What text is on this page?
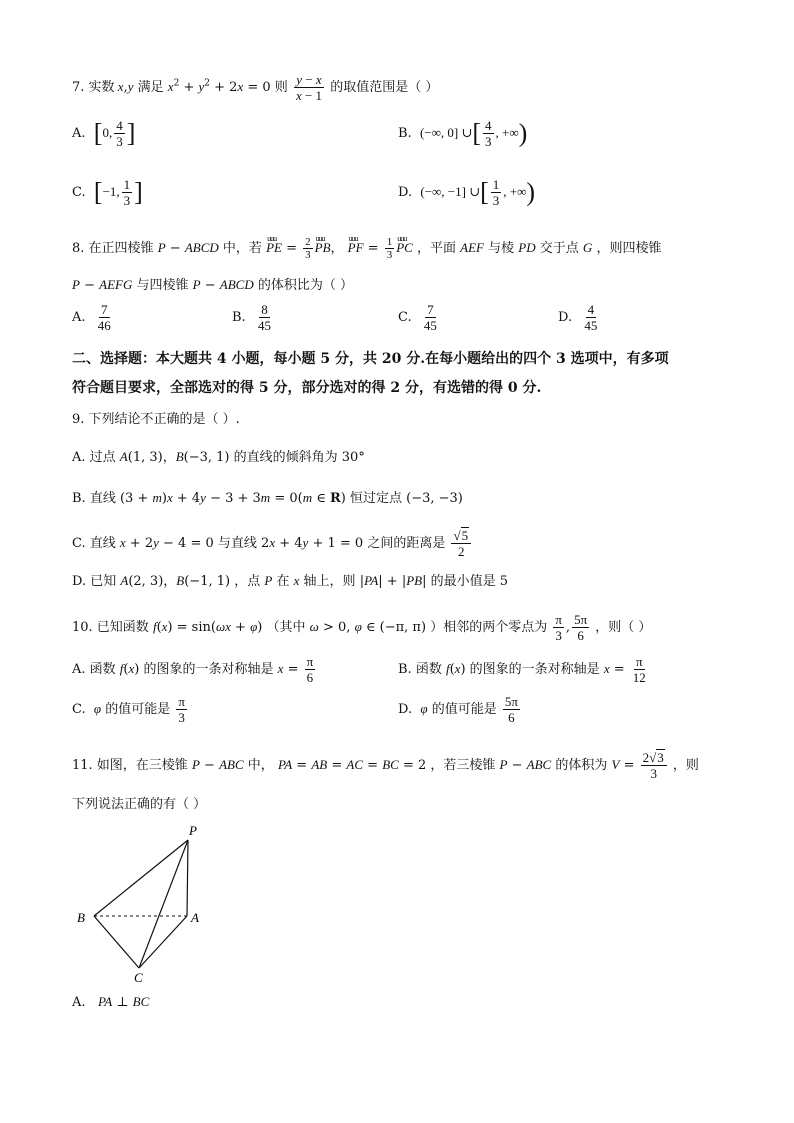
7. 实数 x,y 满足 $x^2 + y^2 + 2x = 0$ 则 $\frac{y - x}{x - 1}$ 的取值范围是（ ）
A. [0, $\frac{4}{3}$ ]	B. (−∞, 0] ∪[ $\frac{4}{3}$ , +∞)
C. [−1, $\frac{1}{3}$ ]	D. (−∞, −1] ∪[ $\frac{1}{3}$ , +∞)
8. 在正四棱锥 P − ABCD 中，若 uuu PE = $\frac{2}{3}$ uuu PB， uuu PF = $\frac{1}{3}$ uuu PC ，平面 AEF 与棱 PD 交于点 G ，则四棱锥
P − AEFG 与四棱锥 P − ABCD 的体积比为（ ）
A. $\frac{7}{46}$	B. $\frac{8}{45}$	C. $\frac{7}{45}$	D. $\frac{4}{45}$
二、选择题：本大题共 4 小题，每小题 5 分，共 20 分.在每小题给出的四个 3 选项中，有多项
符合题目要求，全部选对的得 5 分，部分选对的得 2 分，有选错的得 0 分.
9. 下列结论不正确的是（ ）.
A. 过点 A(1, 3)，B(−3, 1) 的直线的倾斜角为 30°
B. 直线 (3 + m)x + 4y − 3 + 3m = 0(m ∈ R) 恒过定点 (−3, −3)
C. 直线 x + 2y − 4 = 0 与直线 2x + 4y + 1 = 0 之间的距离是 $\frac{√5}{2}$
D. 已知 A(2, 3)，B(−1, 1) ，点 P 在 x 轴上，则 |PA| + |PB| 的最小值是 5
10. 已知函数 f(x) = sin(ωx + φ) （其中 ω > 0, φ ∈ (−π, π) ）相邻的两个零点为 $\frac{\pi}{3}$ , $\frac{5\pi}{6}$ ，则（ ）
A. 函数 f(x) 的图象的一条对称轴是 $x = \frac{\pi}{6}$	B. 函数 f(x) 的图象的一条对称轴是 $x = \frac{\pi}{12}$
C. φ 的值可能是 $\frac{\pi}{3}$	D. φ 的值可能是 $\frac{5\pi}{6}$
11. 如图，在三棱锥 P − ABC 中， PA = AB = AC = BC = 2 ，若三棱锥 P − ABC 的体积为 $V = \frac{2√3}{3}$ ，则
下列说法正确的有（ ）
P
A
B
C
A. PA ⊥ BC
